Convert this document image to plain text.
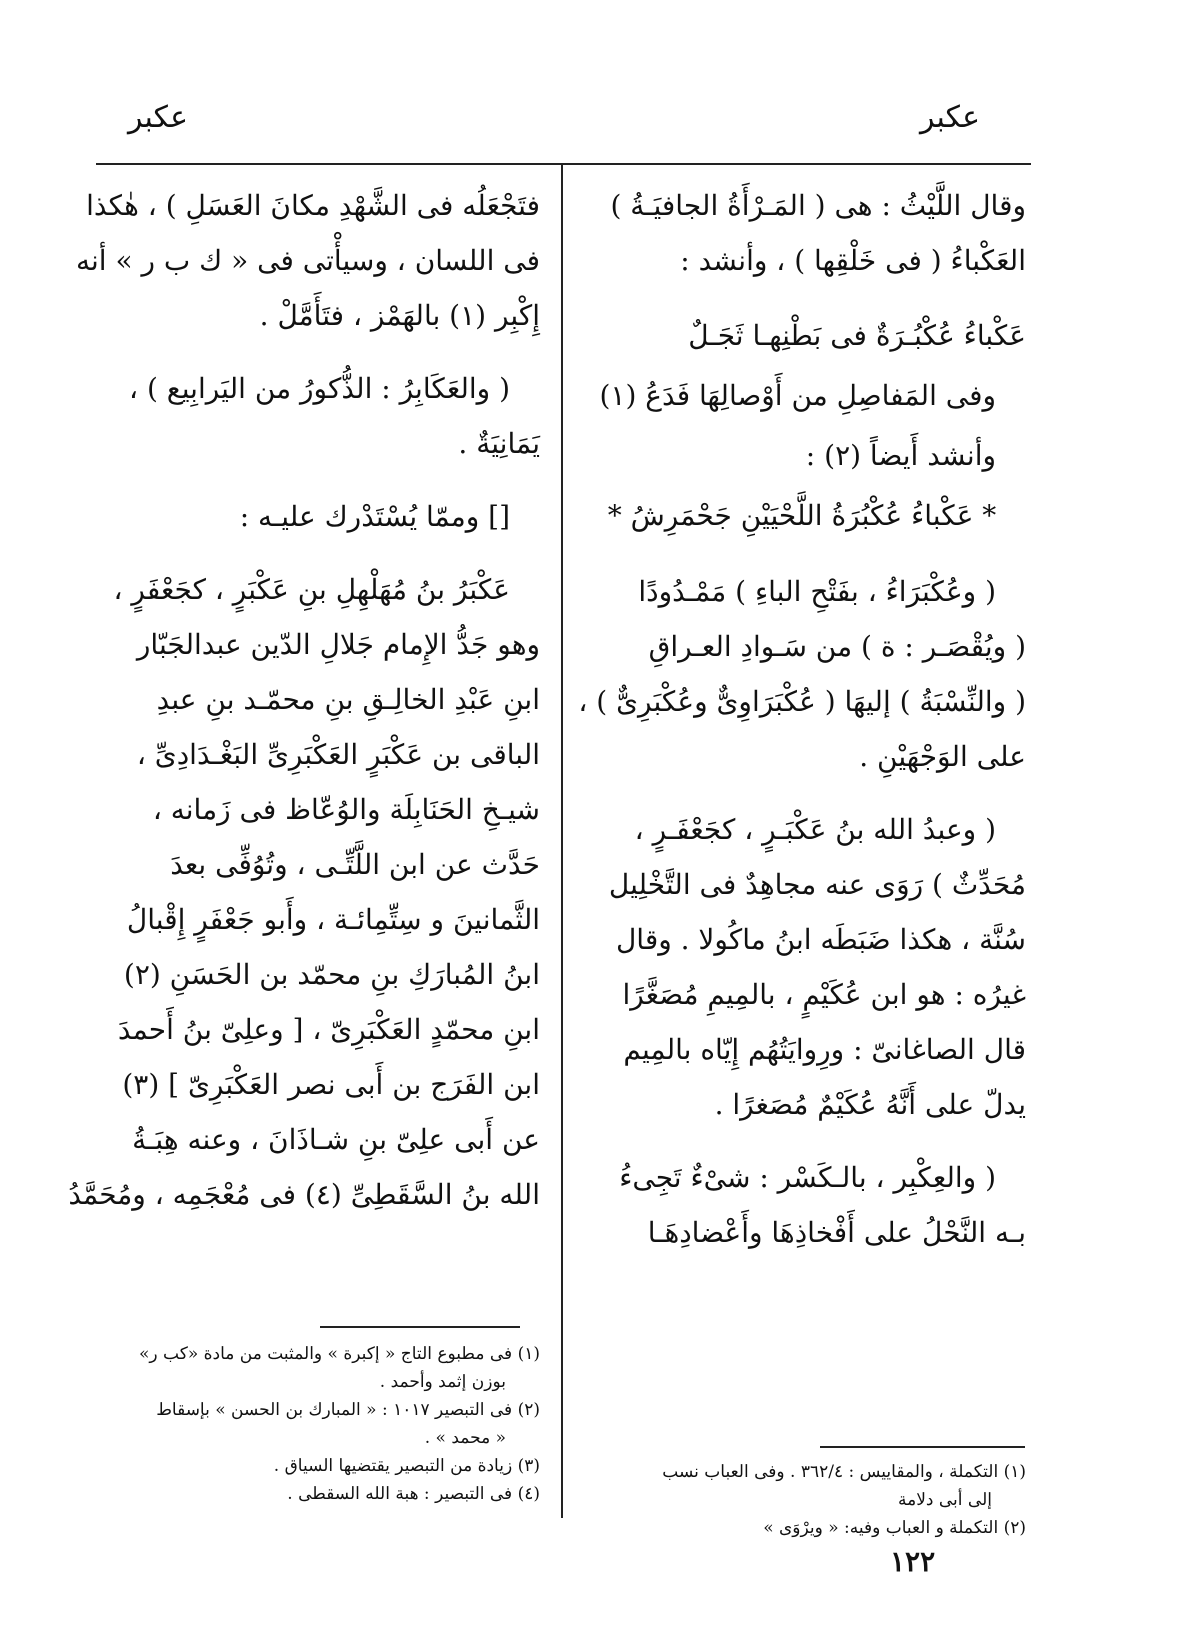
عكبر
عكبر
وقال اللَّيْثُ : هى ( المَـرْأَةُ الجافيَـةُ )
العَكْباءُ ( فى خَلْقِها ) ، وأنشد :
عَكْباءُ عُكْبُـرَةٌ فى بَطْنِهـا ثَجَـلٌ
وفى المَفاصِلِ من أَوْصالِهَا فَدَعُ (١)
وأنشد أَيضاً (٢) :
* عَكْباءُ عُكْبُرَةُ اللَّحْيَيْنِ جَحْمَرِشُ *
( وعُكْبَرَاءُ ، بفَتْحِ الباءِ ) مَمْـدُودًا
( ويُقْصَـر : ة ) من سَـوادِ العـراقِ
( والنِّسْبَةُ ) إليهَا ( عُكْبَرَاوِىٌّ وعُكْبَرِىٌّ ) ،
على الوَجْهَيْنِ .
( وعبدُ الله بنُ عَكْبَـرٍ ، كجَعْفَـرٍ ،
مُحَدِّثٌ ) رَوَى عنه مجاهِدٌ فى التَّخْلِيل
سُنَّة ، هكذا ضَبَطَه ابنُ ماكُولا . وقال
غيرُه : هو ابن عُكَيْمٍ ، بالمِيمِ مُصَغَّرًا
قال الصاغانىّ : ورِوايَتُهُم إِيّاه بالمِيم
يدلّ على أَنَّهُ عُكَيْمٌ مُصَغرًا .
( والعِكْبِر ، بالـكَسْر : شىْءٌ تَجِىءُ
بـه النَّحْلُ على أَفْخاذِهَا وأَعْضادِهَـا
فتَجْعَلُه فى الشَّهْدِ مكانَ العَسَلِ ) ، هٰكذا
فى اللسان ، وسيأْتى فى « ك ب ر » أنه
إِكْبِر (١) بالهَمْز ، فتَأَمَّلْ .
( والعَكَابِرُ : الذُّكورُ من اليَرابِيع ) ،
يَمَانِيَةٌ .
[] وممّا يُسْتَدْرك عليـه :
عَكْبَرُ بنُ مُهَلْهِلِ بنِ عَكْبَرٍ ، كجَعْفَرٍ ،
وهو جَدُّ الإِمام جَلالِ الدّين عبدالجَبّار
ابنِ عَبْدِ الخالِـقِ بنِ محمّـد بنِ عبدِ
الباقى بن عَكْبَرٍ العَكْبَرِىِّ البَغْـدَادِىِّ ،
شيـخِ الحَنَابِلَة والوُعّاظ فى زَمانه ،
حَدَّث عن ابن اللَّتِّـى ، وتُوُفِّى بعدَ
الثَّمانينَ و سِتِّمِائـة ، وأَبو جَعْفَرٍ إِقْبالُ
ابنُ المُبارَكِ بنِ محمّد بن الحَسَنِ (٢)
ابنِ محمّدٍ العَكْبَرِىّ ، [ وعلِىّ بنُ أَحمدَ
ابن الفَرَج بن أَبى نصر العَكْبَرِىّ ] (٣)
عن أَبى علِىّ بنِ شـاذَانَ ، وعنه هِبَـةُ
الله بنُ السَّقَطِىِّ (٤) فى مُعْجَمِه ، ومُحَمَّدُ
(١) فى مطبوع التاج « إكبرة » والمثبت من مادة «كب ر»
بوزن إثمد وأحمد .
(٢) فى التبصير ١٠١٧ : « المبارك بن الحسن » بإسقاط
« محمد » .
(٣) زيادة من التبصير يقتضيها السياق .
(٤) فى التبصير : هبة الله السقطى .
(١) التكملة ، والمقاييس : ٣٦٢/٤ . وفى العباب نسب
إلى أبى دلامة
(٢) التكملة و العباب وفيه: « ويرْوَى »
١٢٢
